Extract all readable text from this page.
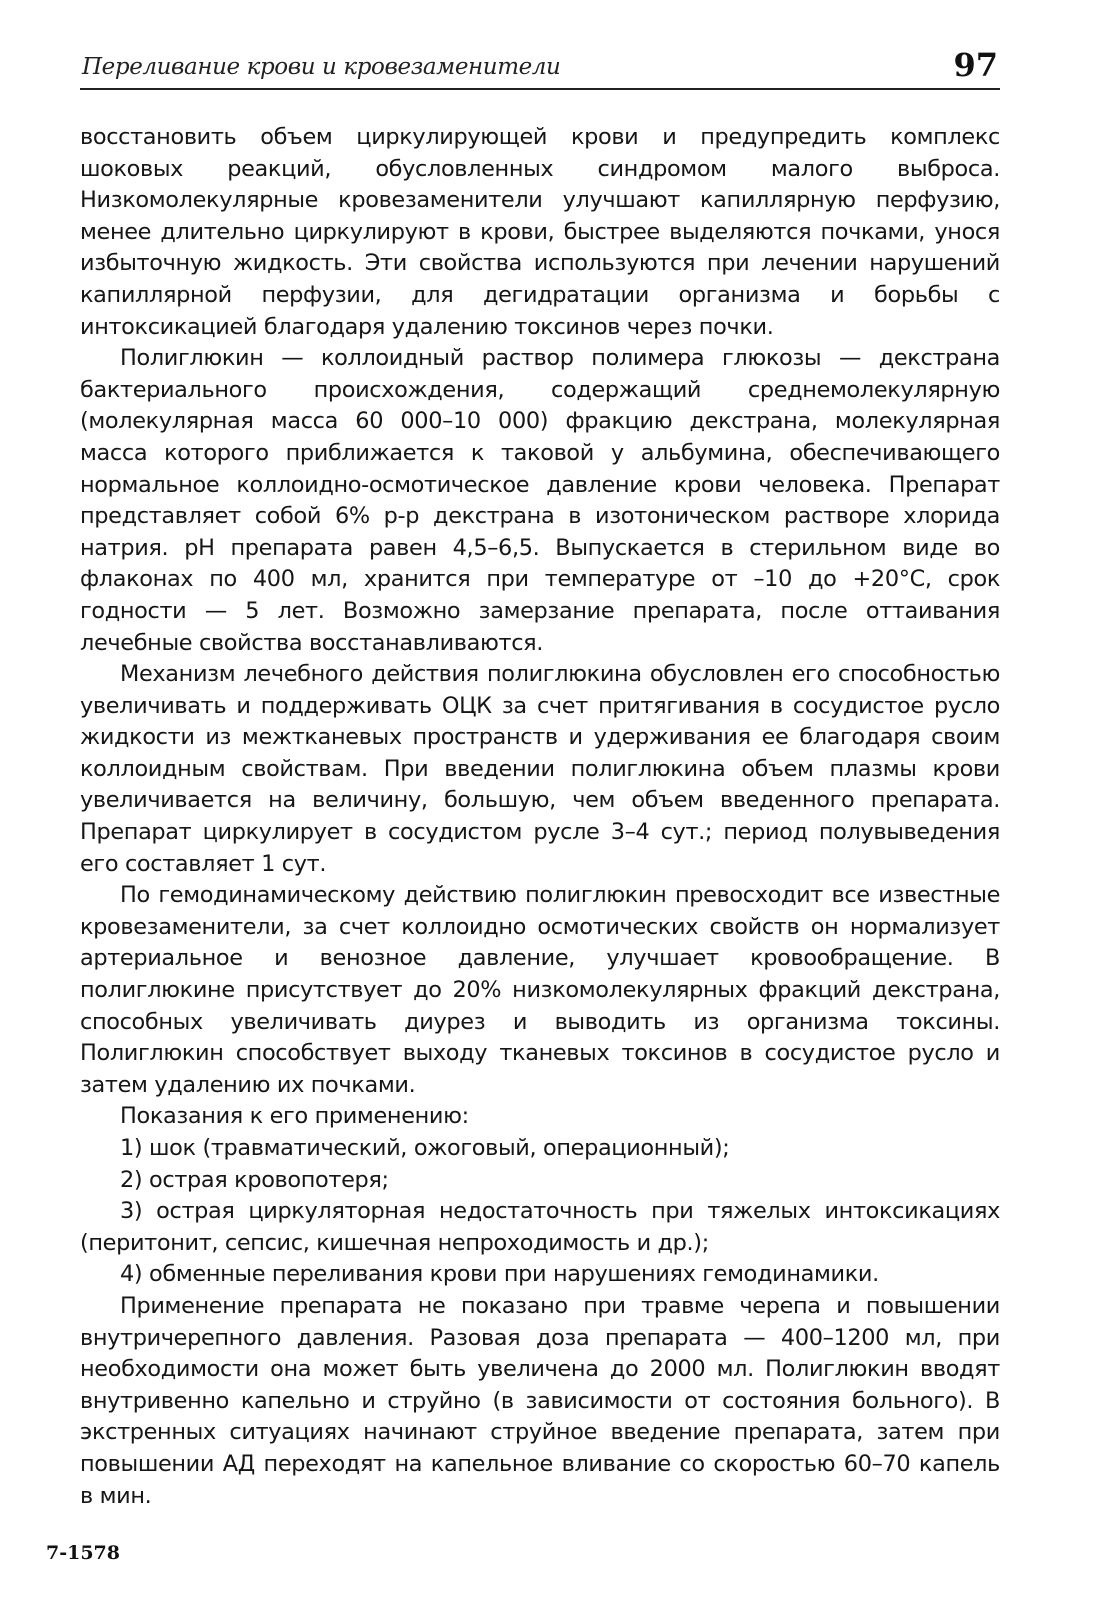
Переливание крови и кровезаменители	97

восстановить объем циркулирующей крови и предупредить комплекс шоковых реакций, обусловленных синдромом малого выброса. Низкомолекулярные кровезаменители улучшают капиллярную перфузию, менее длительно циркулируют в крови, быстрее выделяются почками, унося избыточную жидкость. Эти свойства используются при лечении нарушений капиллярной перфузии, для дегидратации организма и борьбы с интоксикацией благодаря удалению токсинов через почки.

Полиглюкин — коллоидный раствор полимера глюкозы — декстрана бактериального происхождения, содержащий среднемолекулярную (молекулярная масса 60 000–10 000) фракцию декстрана, молекулярная масса которого приближается к таковой у альбумина, обеспечивающего нормальное коллоидно-осмотическое давление крови человека. Препарат представляет собой 6% р-р декстрана в изотоническом растворе хлорида натрия. pH препарата равен 4,5–6,5. Выпускается в стерильном виде во флаконах по 400 мл, хранится при температуре от –10 до +20°С, срок годности — 5 лет. Возможно замерзание препарата, после оттаивания лечебные свойства восстанавливаются.

Механизм лечебного действия полиглюкина обусловлен его способностью увеличивать и поддерживать ОЦК за счет притягивания в сосудистое русло жидкости из межтканевых пространств и удерживания ее благодаря своим коллоидным свойствам. При введении полиглюкина объем плазмы крови увеличивается на величину, большую, чем объем введенного препарата. Препарат циркулирует в сосудистом русле 3–4 сут.; период полувыведения его составляет 1 сут.

По гемодинамическому действию полиглюкин превосходит все известные кровезаменители, за счет коллоидно осмотических свойств он нормализует артериальное и венозное давление, улучшает кровообращение. В полиглюкине присутствует до 20% низкомолекулярных фракций декстрана, способных увеличивать диурез и выводить из организма токсины. Полиглюкин способствует выходу тканевых токсинов в сосудистое русло и затем удалению их почками.

Показания к его применению:

1) шок (травматический, ожоговый, операционный);

2) острая кровопотеря;

3) острая циркуляторная недостаточность при тяжелых интоксикациях (перитонит, сепсис, кишечная непроходимость и др.);

4) обменные переливания крови при нарушениях гемодинамики.

Применение препарата не показано при травме черепа и повышении внутричерепного давления. Разовая доза препарата — 400–1200 мл, при необходимости она может быть увеличена до 2000 мл. Полиглюкин вводят внутривенно капельно и струйно (в зависимости от состояния больного). В экстренных ситуациях начинают струйное введение препарата, затем при повышении АД переходят на капельное вливание со скоростью 60–70 капель в мин.

7-1578
